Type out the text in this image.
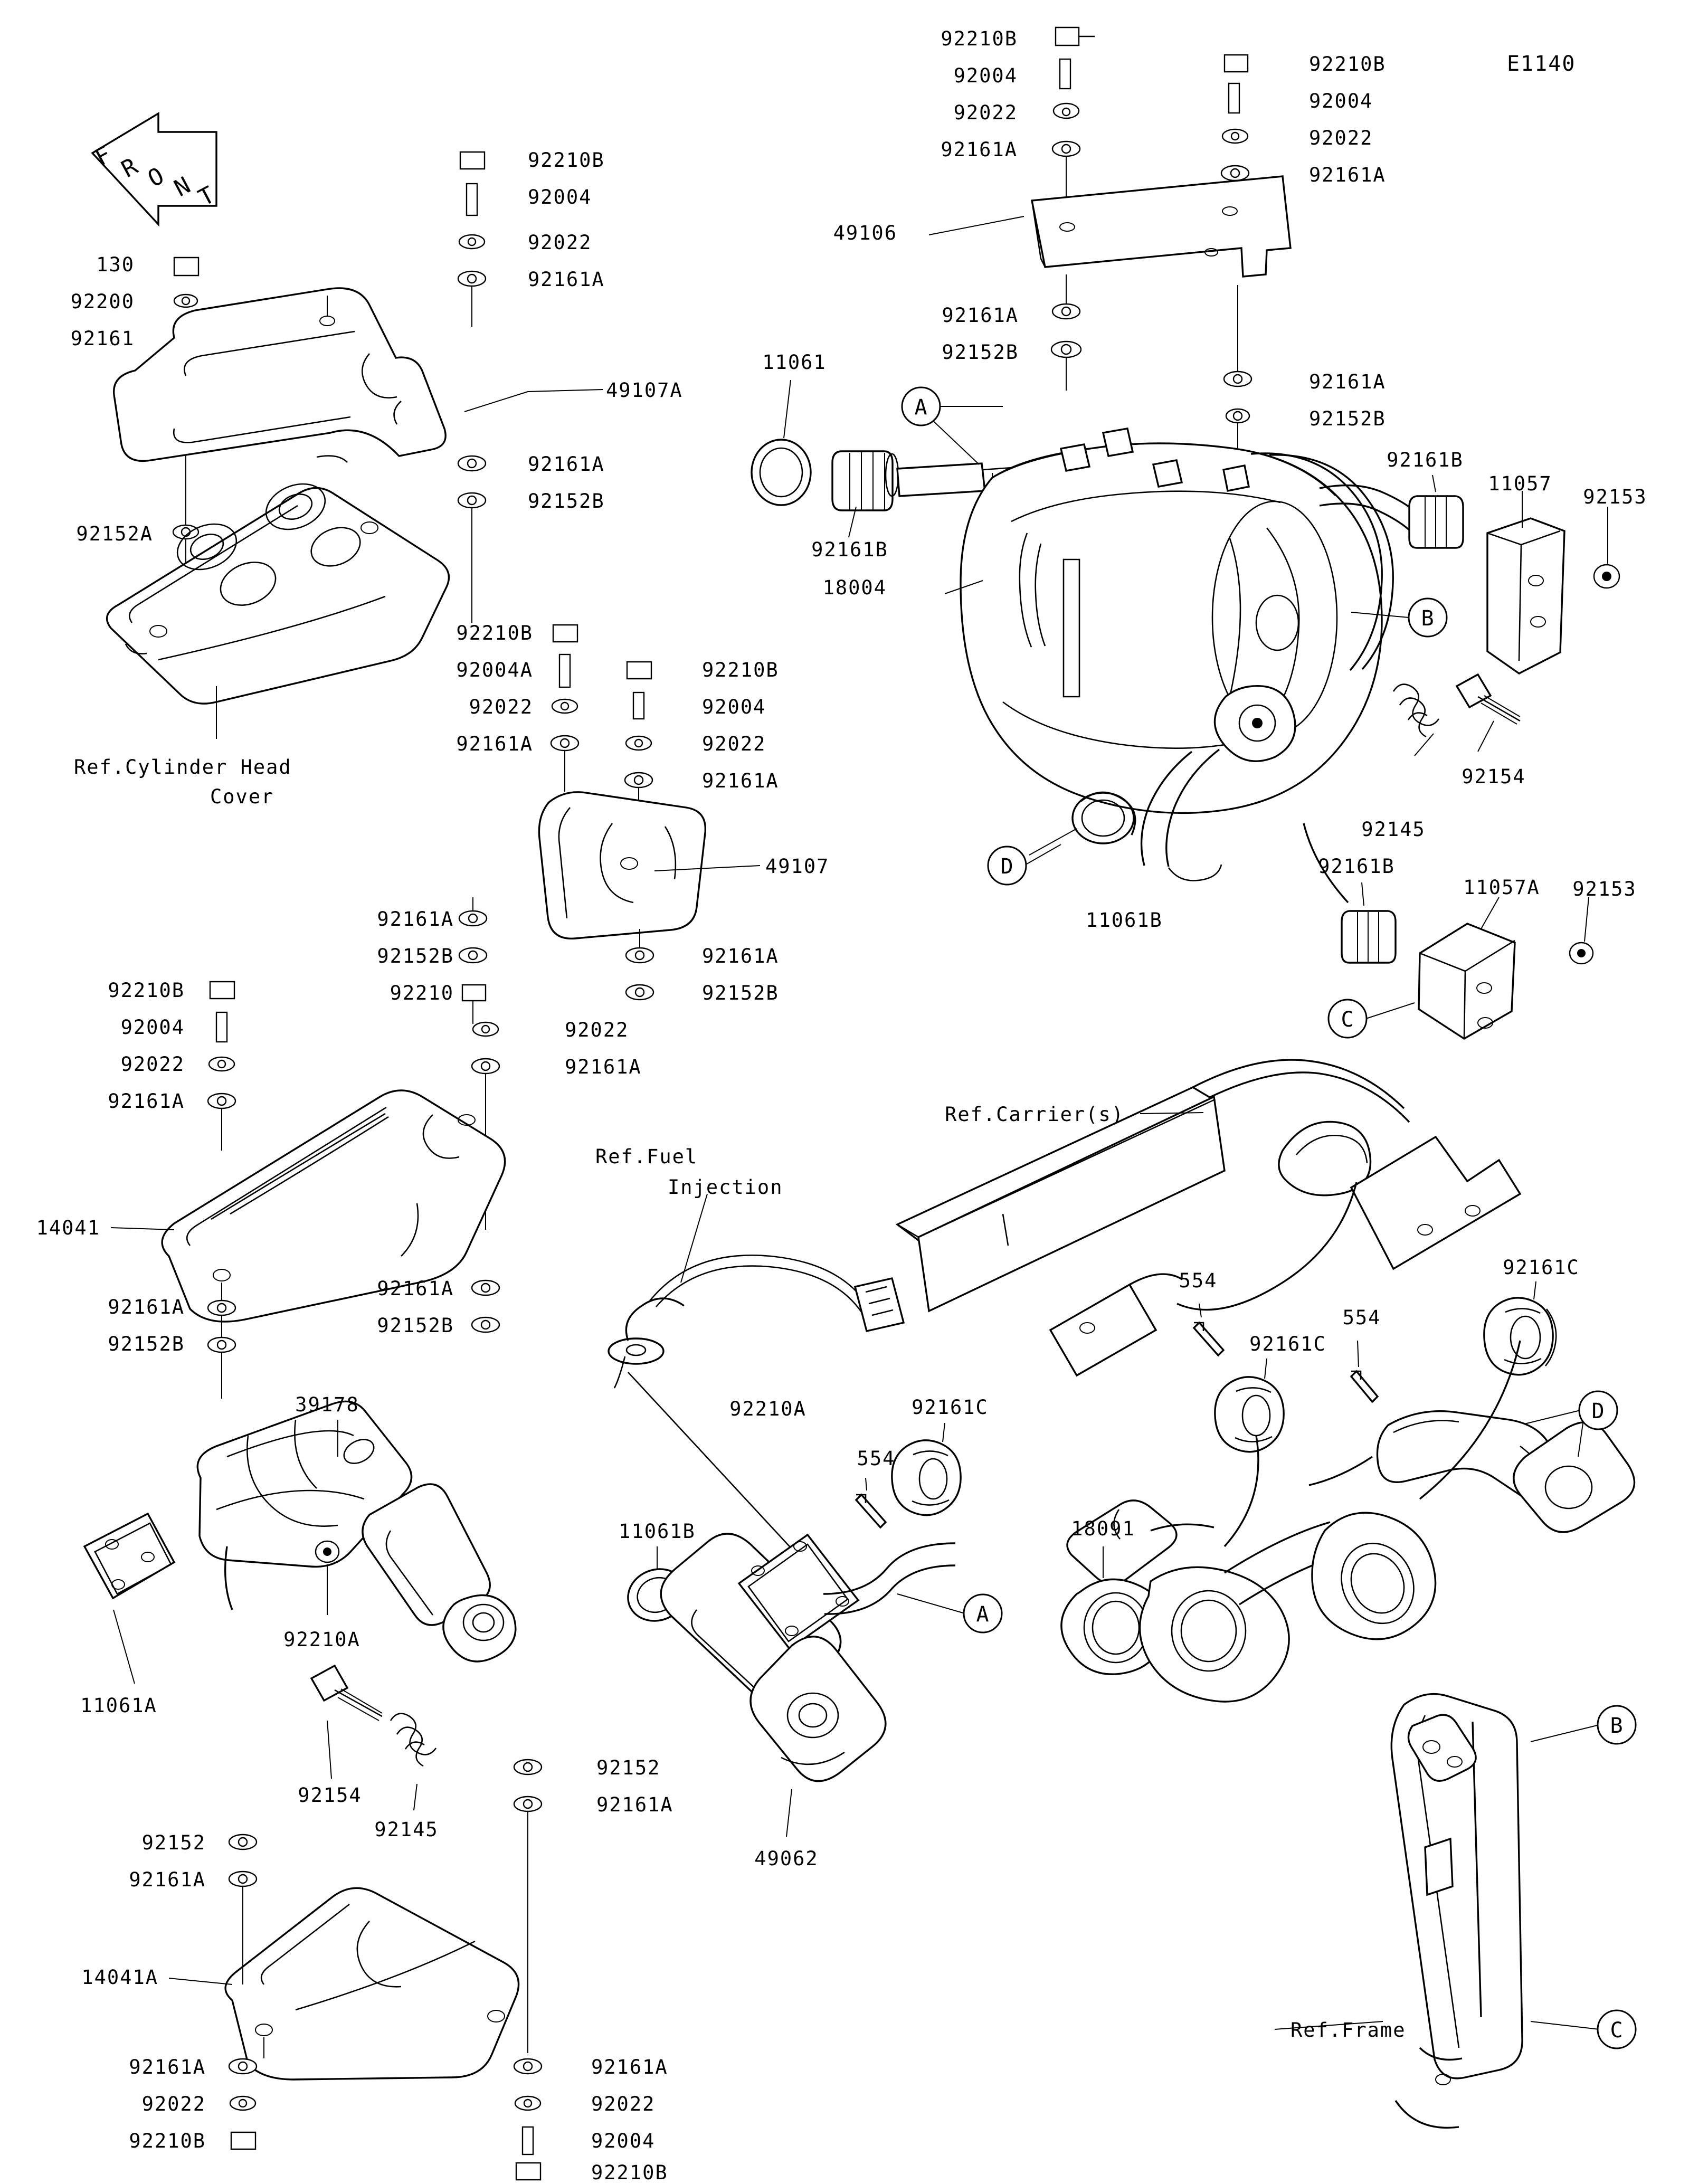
F R O N
T
A
B
D
C
A
D
B
C
E1140
92210B
92004
92022
92161A
92210B
92004
92022
92161A
49106
92161A
92152B
92161A
92152B
11061
92161B
18004
92161B
11057
92153
92154
92145
92161B
11057A 92153
11061B
Ref.Carrier(s)
554
554
92161C
92161C
18091
Ref.Frame
130
92200
92161
92152A
92210B
92004
92022
92161A
49107A
92161A
92152B
Ref.Cylinder Head
Cover
92210B
92004A
92022
92161A
92210B
92004
92022
92161A
49107
92161A
92152B
92210
92161A
92152B
92022
92161A
92210B
92004
92022
92161A
14041
92161A
92152B
92161A
92152B
39178
Ref.Fuel
Injection
92210A	92161C
554
11061B
11061A
92210A
92154
92145
92152
92161A
49062
92152
92161A
14041A
92161A
92022
92210B
92161A
92022
92004
92210B
